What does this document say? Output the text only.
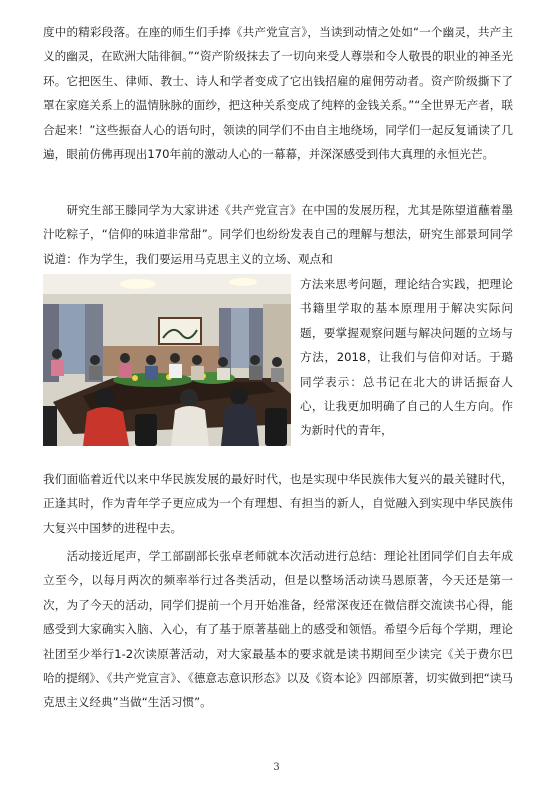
度中的精彩段落。在座的师生们手捧《共产党宣言》，当读到动情之处如“一个幽灵，共产主义的幽灵，在欧洲大陆徘徊。”“资产阶级抹去了一切向来受人尊崇和令人敬畏的职业的神圣光环。它把医生、律师、教士、诗人和学者变成了它出钱招雇的雇佣劳动者。资产阶级撕下了罩在家庭关系上的温情脉脉的面纱，把这种关系变成了纯粹的金钱关系。”“全世界无产者，联合起来！”这些振奋人心的语句时，领读的同学们不由自主地绕场，同学们一起反复诵读了几遍，眼前仿佛再现出170年前的激动人心的一幕幕，并深深感受到伟大真理的永恒光芒。

　　研究生部王滕同学为大家讲述《共产党宣言》在中国的发展历程，尤其是陈望道蘸着墨汁吃粽子，“信仰的味道非常甜”。同学们也纷纷发表自己的理解与想法，研究生部景珂同学说道：作为学生，我们要运用马克思主义的立场、观点和

方法来思考问题，理论结合实践，把理论书籍里学取的基本原理用于解决实际问题，要掌握观察问题与解决问题的立场与方法，2018，让我们与信仰对话。于璐同学表示：总书记在北大的讲话振奋人心，让我更加明确了自己的人生方向。作为新时代的青年，

我们面临着近代以来中华民族发展的最好时代，也是实现中华民族伟大复兴的最关键时代，正逢其时，作为青年学子更应成为一个有理想、有担当的新人，自觉融入到实现中华民族伟大复兴中国梦的进程中去。

　　活动接近尾声，学工部副部长张卓老师就本次活动进行总结：理论社团同学们自去年成立至今，以每月两次的频率举行过各类活动，但是以整场活动读马恩原著，今天还是第一次，为了今天的活动，同学们提前一个月开始准备，经常深夜还在微信群交流读书心得，能感受到大家确实入脑、入心，有了基于原著基础上的感受和领悟。希望今后每个学期，理论社团至少举行1-2次读原著活动，对大家最基本的要求就是读书期间至少读完《关于费尔巴哈的提纲》、《共产党宣言》、《德意志意识形态》以及《资本论》四部原著，切实做到把“读马克思主义经典”当做“生活习惯”。

3
